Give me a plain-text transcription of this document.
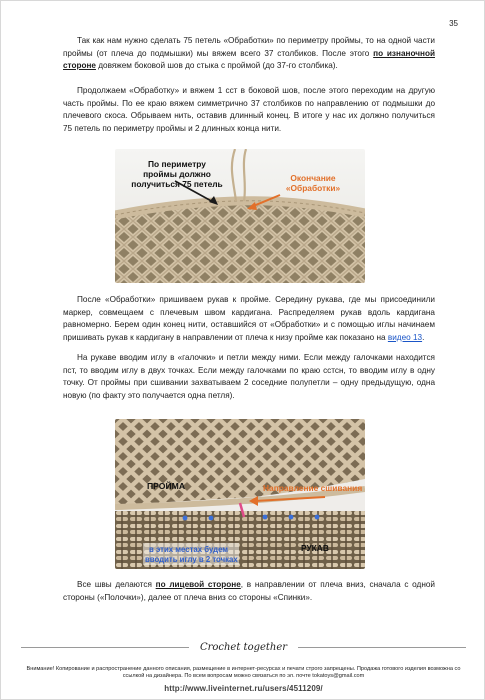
35
Так как нам нужно сделать 75 петель «Обработки» по периметру проймы, то на одной части проймы (от плеча до подмышки) мы вяжем всего 37 столбиков. После этого по изнаночной стороне довяжем боковой шов до стыка с проймой (до 37-го столбика).
Продолжаем «Обработку» и вяжем 1 сст в боковой шов, после этого переходим на другую часть проймы. По ее краю вяжем симметрично 37 столбиков по направлению от подмышки до плечевого скоса. Обрываем нить, оставив длинный конец. В итоге у нас их должно получиться 75 петель по периметру проймы и 2 длинных конца нити.
По периметру
проймы должно
получиться 75 петель
Окончание
«Обработки»
После «Обработки» пришиваем рукав к пройме. Середину рукава, где мы присоединили маркер, совмещаем с плечевым швом кардигана. Распределяем рукав вдоль кардигана равномерно. Берем один конец нити, оставшийся от «Обработки» и с помощью иглы начинаем пришивать рукав к кардигану в направлении от плеча к низу пройме как показано на видео 13.
На рукаве вводим иглу в «галочки» и петли между ними. Если между галочками находится пст, то вводим иглу в двух точках. Если между галочками по краю сстсн, то вводим иглу в одну точку. От проймы при сшивании захватываем 2 соседние полупетли – одну предыдущую, одна новую (по факту это получается одна петля).
ПРОЙМА	Направление сшивания
в этих местах будем
вводить иглу в 2 точках
РУКАВ
Все швы делаются по лицевой стороне, в направлении от плеча вниз, сначала с одной стороны («Полочки»), далее от плеча вниз со стороны «Спинки».
Crochet together
Внимание! Копирование и распространение данного описания, размещение в интернет-ресурсах и печати строго запрещены. Продажа готового изделия возможна со ссылкой на дизайнера. По всем вопросам можно связаться по эл. почте tokatoys@gmail.com
http://www.liveinternet.ru/users/4511209/
